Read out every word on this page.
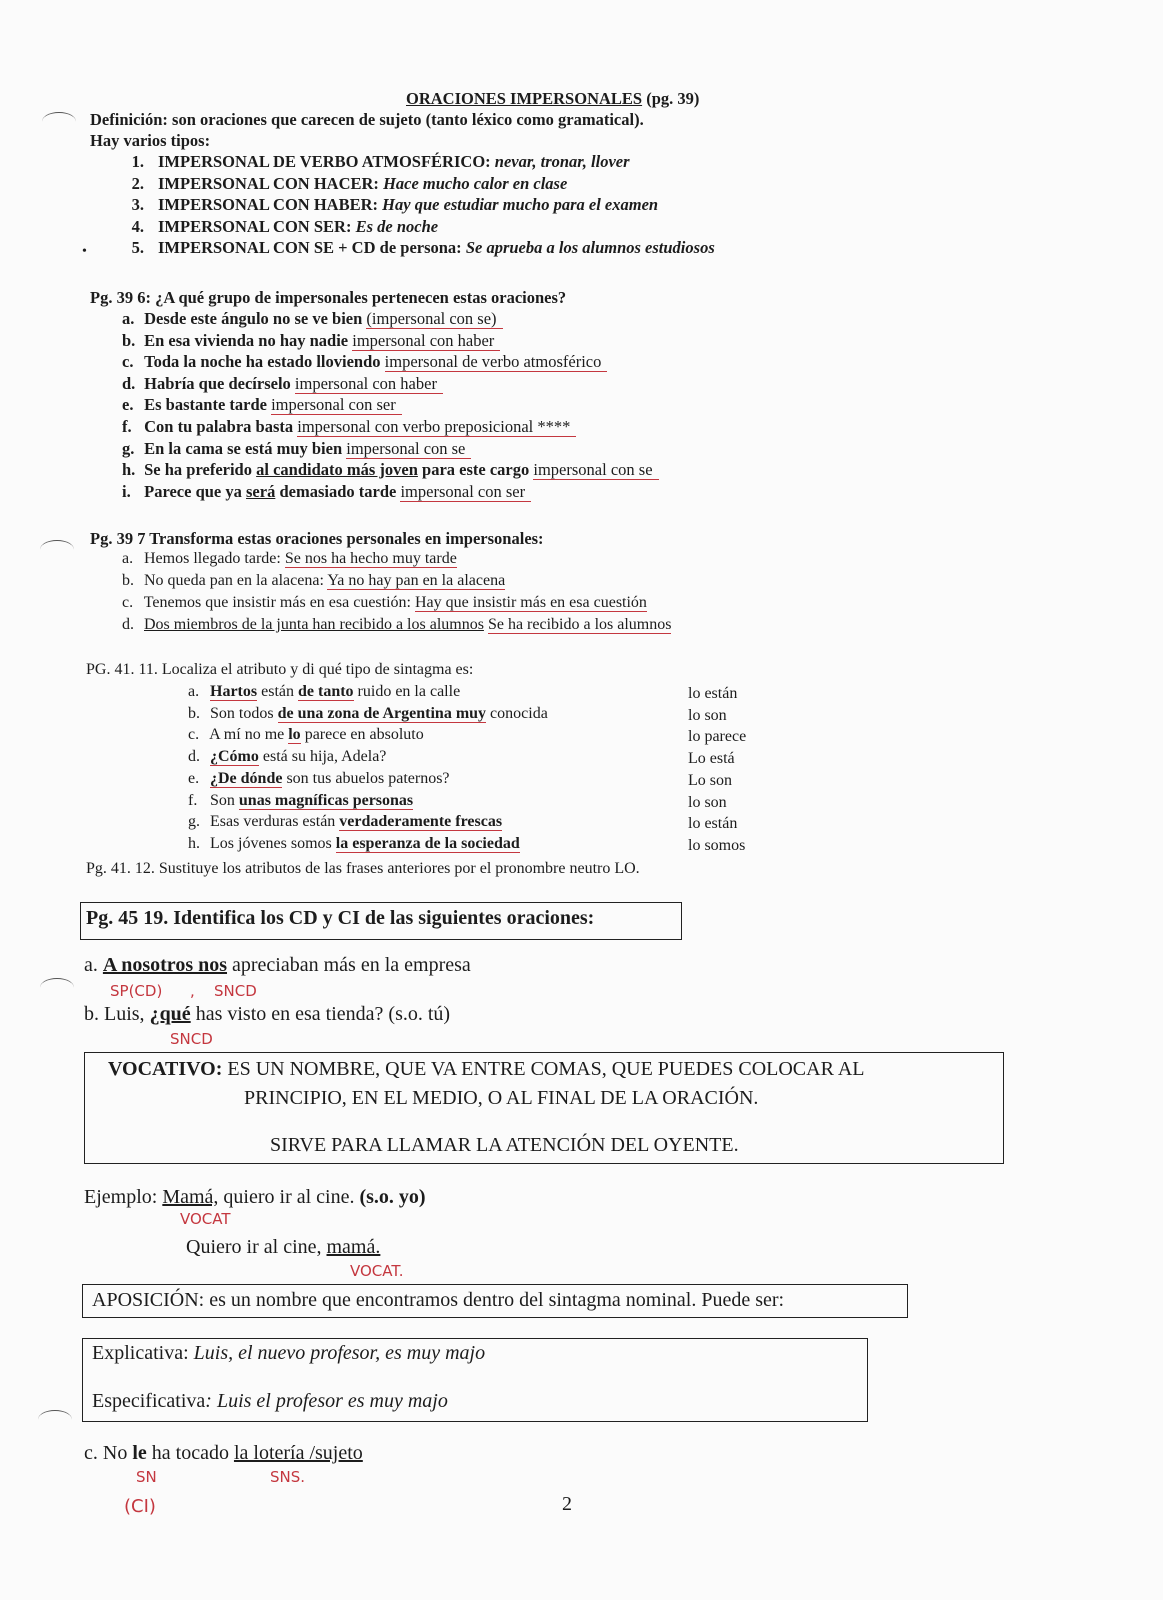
•
ORACIONES IMPERSONALES (pg. 39)
Definición: son oraciones que carecen de sujeto (tanto léxico como gramatical).
Hay varios tipos:
1. IMPERSONAL DE VERBO ATMOSFÉRICO: nevar, tronar, llover
2. IMPERSONAL CON HACER: Hace mucho calor en clase
3. IMPERSONAL CON HABER: Hay que estudiar mucho para el examen
4. IMPERSONAL CON SER: Es de noche
5. IMPERSONAL CON SE + CD de persona: Se aprueba a los alumnos estudiosos
Pg. 39 6: ¿A qué grupo de impersonales pertenecen estas oraciones?
a. Desde este ángulo no se ve bien (impersonal con se)
b. En esa vivienda no hay nadie impersonal con haber
c. Toda la noche ha estado lloviendo impersonal de verbo atmosférico
d. Habría que decírselo impersonal con haber
e. Es bastante tarde impersonal con ser
f. Con tu palabra basta impersonal con verbo preposicional ****
g. En la cama se está muy bien impersonal con se
h. Se ha preferido al candidato más joven para este cargo impersonal con se
i. Parece que ya será demasiado tarde impersonal con ser
Pg. 39 7 Transforma estas oraciones personales en impersonales:
a. Hemos llegado tarde: Se nos ha hecho muy tarde
b. No queda pan en la alacena: Ya no hay pan en la alacena
c. Tenemos que insistir más en esa cuestión: Hay que insistir más en esa cuestión
d. Dos miembros de la junta han recibido a los alumnos Se ha recibido a los alumnos
PG. 41. 11. Localiza el atributo y di qué tipo de sintagma es:
a. Hartos están de tanto ruido en la calle	lo están
b. Son todos de una zona de Argentina muy conocida	lo son
c. A mí no me lo parece en absoluto	lo parece
d. ¿Cómo está su hija, Adela?	Lo está
e. ¿De dónde son tus abuelos paternos?	Lo son
f. Son unas magníficas personas	lo son
g. Esas verduras están verdaderamente frescas	lo están
h. Los jóvenes somos la esperanza de la sociedad	lo somos
Pg. 41. 12. Sustituye los atributos de las frases anteriores por el pronombre neutro LO.
Pg. 45 19. Identifica los CD y CI de las siguientes oraciones:
a. A nosotros nos apreciaban más en la empresa
SP(CD) , SNCD
b. Luis, ¿qué has visto en esa tienda? (s.o. tú)
SNCD
VOCATIVO: ES UN NOMBRE, QUE VA ENTRE COMAS, QUE PUEDES COLOCAR AL
PRINCIPIO, EN EL MEDIO, O AL FINAL DE LA ORACIÓN.
SIRVE PARA LLAMAR LA ATENCIÓN DEL OYENTE.
Ejemplo: Mamá, quiero ir al cine. (s.o. yo)
VOCAT
Quiero ir al cine, mamá.
VOCAT.
APOSICIÓN: es un nombre que encontramos dentro del sintagma nominal. Puede ser:
Explicativa: Luis, el nuevo profesor, es muy majo
Especificativa: Luis el profesor es muy majo
c. No le ha tocado la lotería /sujeto
SN
(CI)
SNS.
2
